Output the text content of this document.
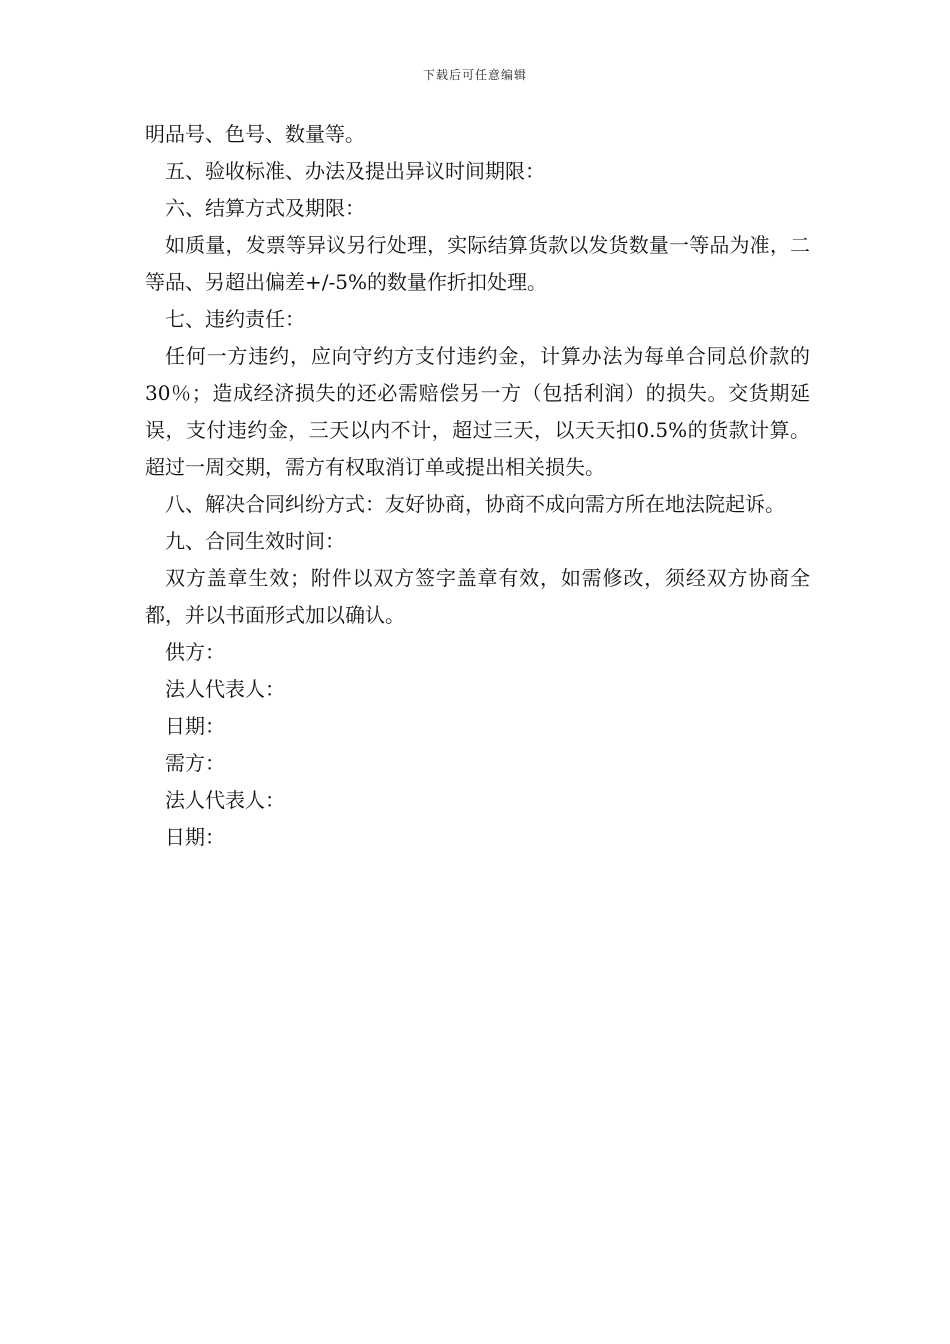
下载后可任意编辑

明品号、色号、数量等。

五、验收标准、办法及提出异议时间期限：

六、结算方式及期限：

如质量，发票等异议另行处理，实际结算货款以发货数量一等品为准，二等品、另超出偏差+/-5%的数量作折扣处理。

七、违约责任：

任何一方违约，应向守约方支付违约金，计算办法为每单合同总价款的30％；造成经济损失的还必需赔偿另一方（包括利润）的损失。交货期延误，支付违约金，三天以内不计，超过三天，以天天扣0.5%的货款计算。超过一周交期，需方有权取消订单或提出相关损失。

八、解决合同纠纷方式：友好协商，协商不成向需方所在地法院起诉。

九、合同生效时间：

双方盖章生效；附件以双方签字盖章有效，如需修改，须经双方协商全都，并以书面形式加以确认。

供方：

法人代表人：

日期：

需方：

法人代表人：

日期：
